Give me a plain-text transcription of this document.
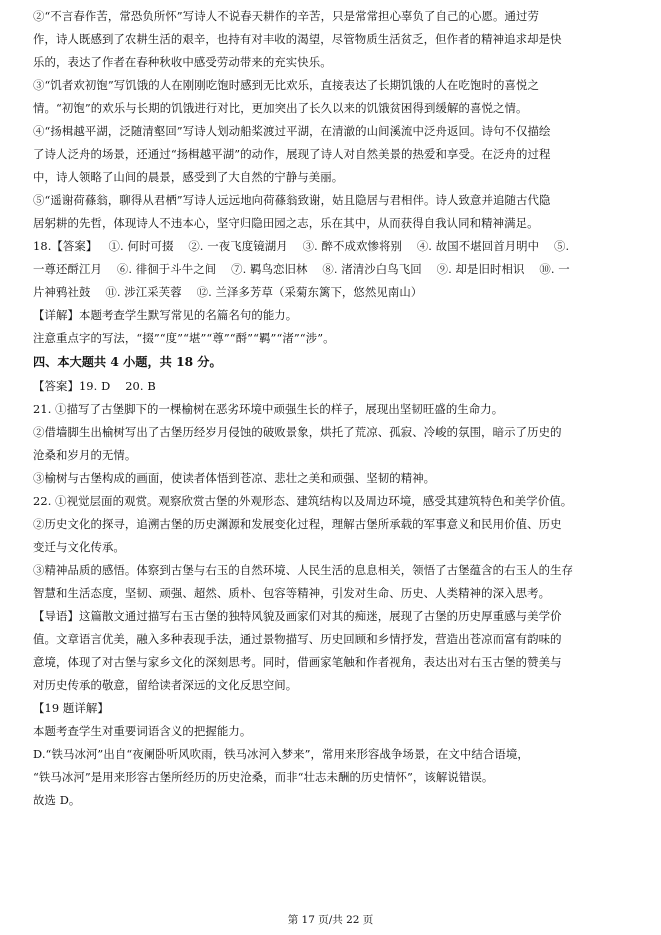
②“不言春作苦，常恐负所怀”写诗人不说春天耕作的辛苦，只是常常担心辜负了自己的心愿。通过劳

作，诗人既感到了农耕生活的艰辛，也持有对丰收的渴望，尽管物质生活贫乏，但作者的精神追求却是快

乐的，表达了作者在春种秋收中感受劳动带来的充实快乐。

③“饥者欢初饱”写饥饿的人在刚刚吃饱时感到无比欢乐，直接表达了长期饥饿的人在吃饱时的喜悦之

情。“初饱”的欢乐与长期的饥饿进行对比，更加突出了长久以来的饥饿贫困得到缓解的喜悦之情。

④“扬楫越平湖，泛随清壑回”写诗人划动船桨渡过平湖，在清澈的山间溪流中泛舟返回。诗句不仅描绘

了诗人泛舟的场景，还通过“扬楫越平湖”的动作，展现了诗人对自然美景的热爱和享受。在泛舟的过程

中，诗人领略了山间的晨景，感受到了大自然的宁静与美丽。

⑤“遥谢荷蓧翁，聊得从君栖”写诗人远远地向荷蓧翁致谢，姑且隐居与君相伴。诗人致意并追随古代隐

居躬耕的先哲，体现诗人不违本心，坚守归隐田园之志，乐在其中，从而获得自我认同和精神满足。

18.【答案】   ①. 何时可掇    ②. 一夜飞度镜湖月    ③. 醉不成欢惨将别    ④. 故国不堪回首月明中    ⑤.

一尊还酹江月    ⑥. 徘徊于斗牛之间    ⑦. 羁鸟恋旧林    ⑧. 渚清沙白鸟飞回    ⑨. 却是旧时相识    ⑩. 一

片神鸦社鼓    ⑪. 涉江采芙蓉    ⑫. 兰泽多芳草（采菊东篱下，悠然见南山）

【详解】本题考查学生默写常见的名篇名句的能力。

注意重点字的写法，“掇”“度”“堪”“尊”“酹”“羁”“渚”“涉”。

四、本大题共 4 小题，共 18 分。

【答案】19. D    20. B

21. ①描写了古堡脚下的一棵榆树在恶劣环境中顽强生长的样子，展现出坚韧旺盛的生命力。

②借墙脚生出榆树写出了古堡历经岁月侵蚀的破败景象，烘托了荒凉、孤寂、冷峻的氛围，暗示了历史的

沧桑和岁月的无情。

③榆树与古堡构成的画面，使读者体悟到苍凉、悲壮之美和顽强、坚韧的精神。

22. ①视觉层面的观赏。观察欣赏古堡的外观形态、建筑结构以及周边环境，感受其建筑特色和美学价值。

②历史文化的探寻，追溯古堡的历史渊源和发展变化过程，理解古堡所承载的军事意义和民用价值、历史

变迁与文化传承。

③精神品质的感悟。体察到古堡与右玉的自然环境、人民生活的息息相关，领悟了古堡蕴含的右玉人的生存

智慧和生活态度，坚韧、顽强、超然、质朴、包容等精神，引发对生命、历史、人类精神的深入思考。

【导语】这篇散文通过描写右玉古堡的独特风貌及画家们对其的痴迷，展现了古堡的历史厚重感与美学价

值。文章语言优美，融入多种表现手法，通过景物描写、历史回顾和乡情抒发，营造出苍凉而富有韵味的

意境，体现了对古堡与家乡文化的深刻思考。同时，借画家笔触和作者视角，表达出对右玉古堡的赞美与

对历史传承的敬意，留给读者深远的文化反思空间。

【19 题详解】

本题考查学生对重要词语含义的把握能力。

D.“铁马冰河”出自“夜阑卧听风吹雨，铁马冰河入梦来”，常用来形容战争场景，在文中结合语境，

“铁马冰河”是用来形容古堡所经历的历史沧桑，而非“壮志未酬的历史情怀”，该解说错误。

故选 D。

第 17 页/共 22 页
